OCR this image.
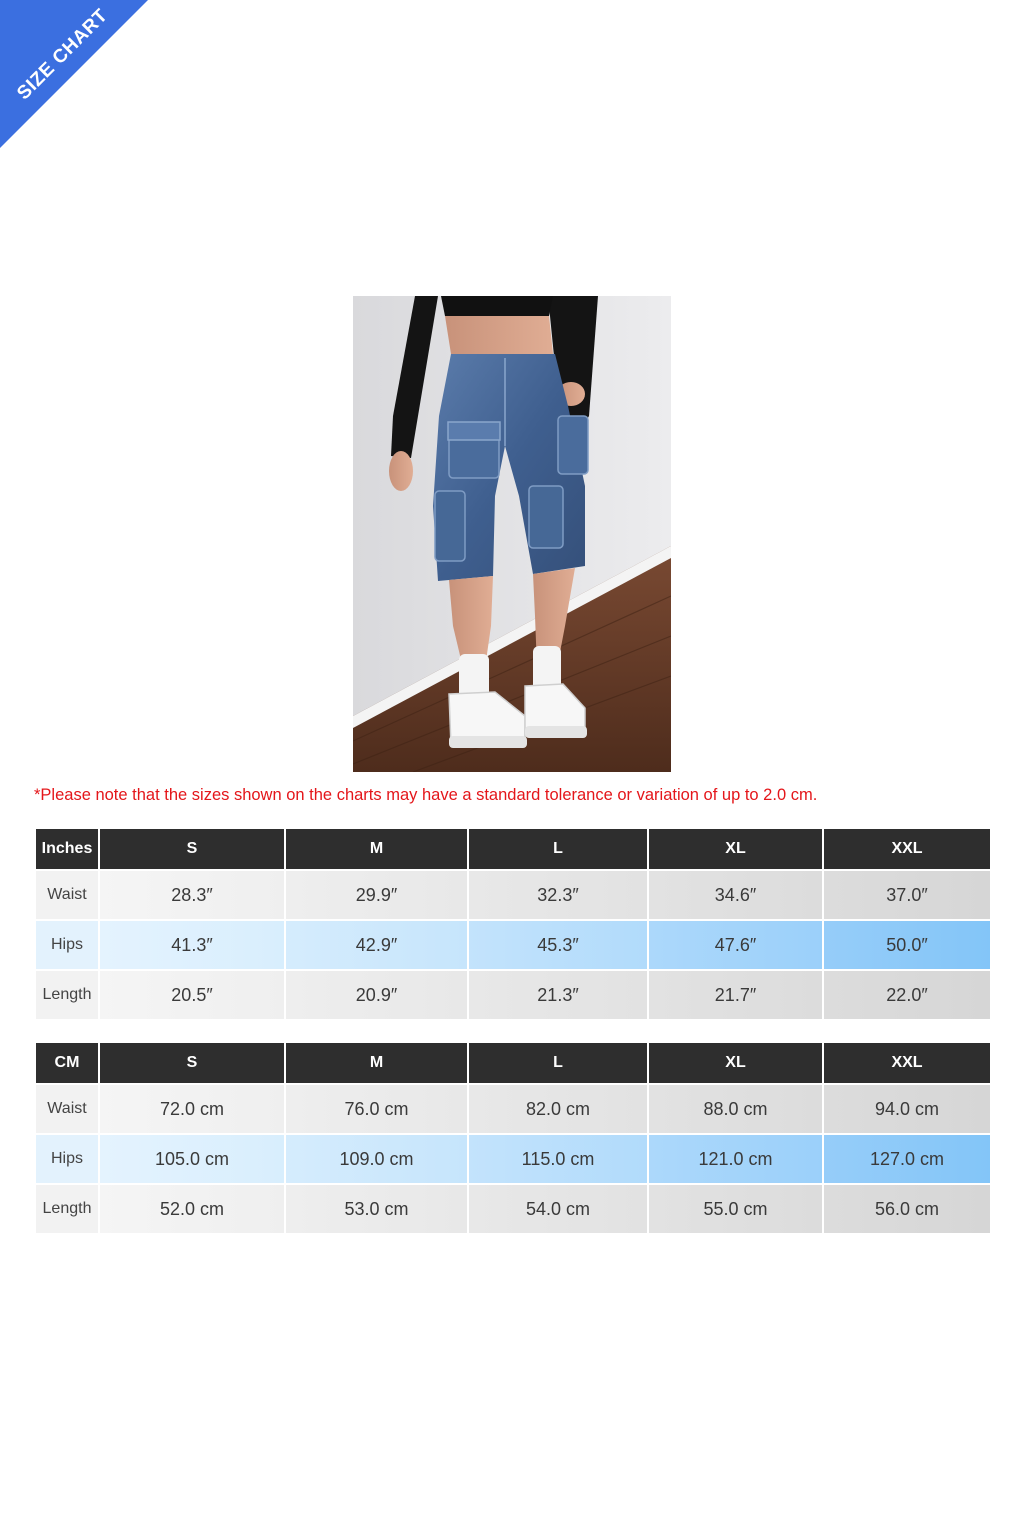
SIZE CHART
*Please note that the sizes shown on the charts may have a standard tolerance or variation of up to 2.0 cm.
Inches	S	M	L	XL	XXL

Waist	28.3″	29.9″	32.3″	34.6″	37.0″
Hips	41.3″	42.9″	45.3″	47.6″	50.0″
Length	20.5″	20.9″	21.3″	21.7″	22.0″
CM	S	M	L	XL	XXL

Waist	72.0 cm	76.0 cm	82.0 cm	88.0 cm	94.0 cm
Hips	105.0 cm	109.0 cm	115.0 cm	121.0 cm	127.0 cm
Length	52.0 cm	53.0 cm	54.0 cm	55.0 cm	56.0 cm
